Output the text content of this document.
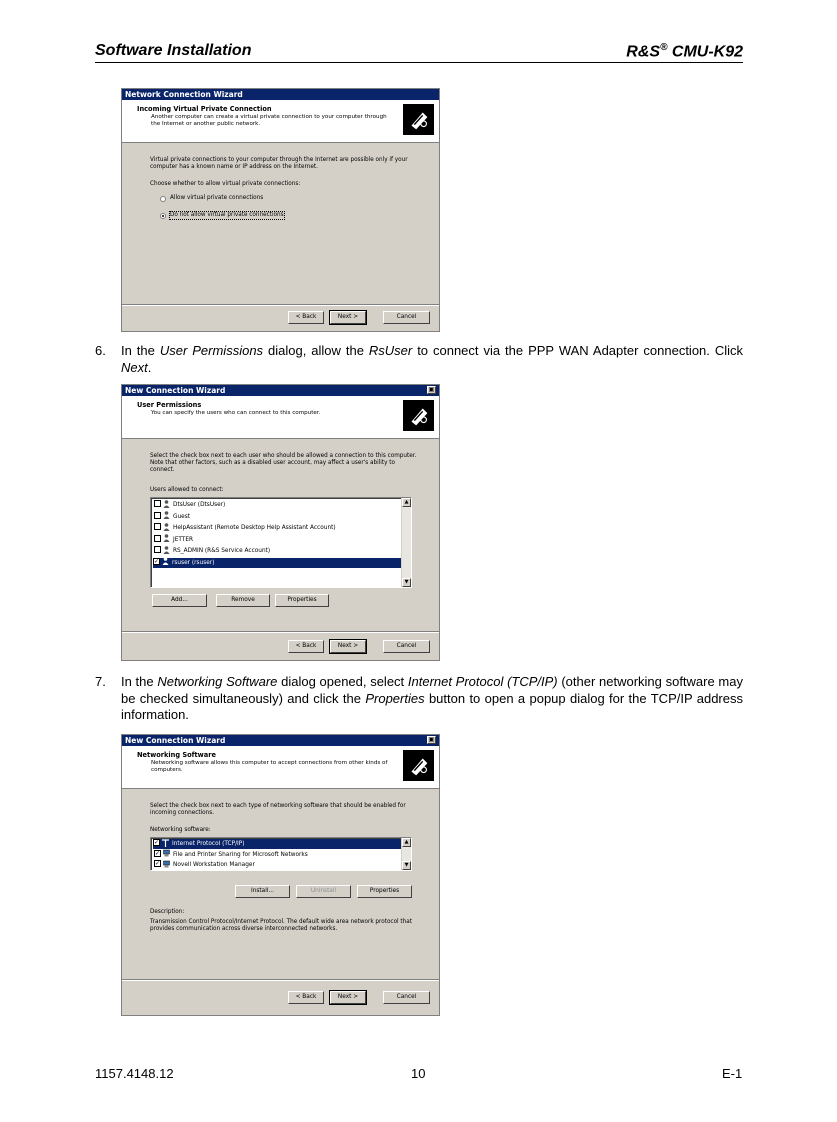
Software Installation	R&S® CMU-K92
Network Connection Wizard
Incoming Virtual Private Connection
Another computer can create a virtual private connection to your computer through the Internet or another public network.
Virtual private connections to your computer through the Internet are possible only if your computer has a known name or IP address on the Internet.
Choose whether to allow virtual private connections:
Allow virtual private connections
Do not allow virtual private connections
< Back	Next >	Cancel
6. In the User Permissions dialog, allow the RsUser to connect via the PPP WAN Adapter connection. Click Next.
New Connection Wizard	▣
User Permissions
You can specify the users who can connect to this computer.
Select the check box next to each user who should be allowed a connection to this computer. Note that other factors, such as a disabled user account, may affect a user's ability to connect.
Users allowed to connect:
DtsUser (DtsUser)
Guest
HelpAssistant (Remote Desktop Help Assistant Account)
JETTER
RS_ADMIN (R&S Service Account)
✓ rsuser (rsuser)
▲
▼
Add...	Remove	Properties
< Back	Next >	Cancel
7. In the Networking Software dialog opened, select Internet Protocol (TCP/IP) (other networking software may be checked simultaneously) and click the Properties button to open a popup dialog for the TCP/IP address information.
New Connection Wizard	▣
Networking Software
Networking software allows this computer to accept connections from other kinds of computers.
Select the check box next to each type of networking software that should be enabled for incoming connections.
Networking software:
✓ Internet Protocol (TCP/IP)
✓ File and Printer Sharing for Microsoft Networks
✓ Novell Workstation Manager
▲
▼
Install...	Uninstall	Properties
Description:
Transmission Control Protocol/Internet Protocol. The default wide area network protocol that provides communication across diverse interconnected networks.
< Back	Next >	Cancel
1157.4148.12	10	E-1
